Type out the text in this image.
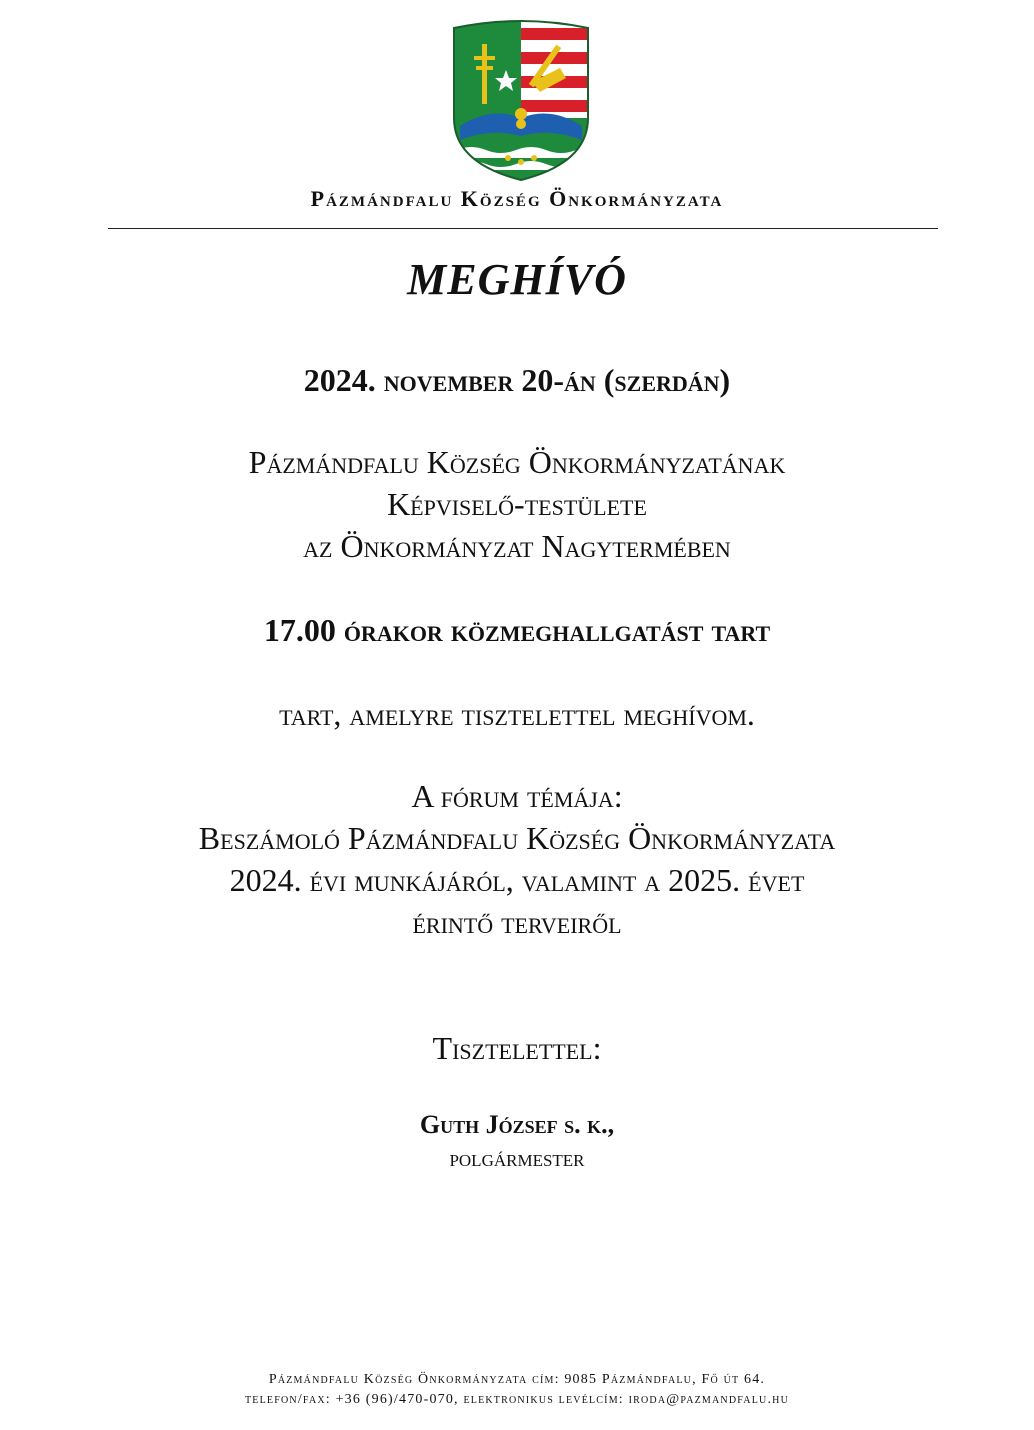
Pázmándfalu Község Önkormányzata
MEGHÍVÓ
2024. november 20-án (szerdán)
Pázmándfalu Község Önkormányzatának
Képviselő-testülete
az Önkormányzat Nagytermében
17.00 órakor közmeghallgatást tart
tart, amelyre tisztelettel meghívom.
A fórum témája:
Beszámoló Pázmándfalu Község Önkormányzata
2024. évi munkájáról, valamint a 2025. évet
érintő terveiről
Tisztelettel:
Guth József s. k.,
polgármester
Pázmándfalu Község Önkormányzata cím: 9085 Pázmándfalu, Fő út 64.
telefon/fax: +36 (96)/470-070, elektronikus levélcím: iroda@pazmandfalu.hu
